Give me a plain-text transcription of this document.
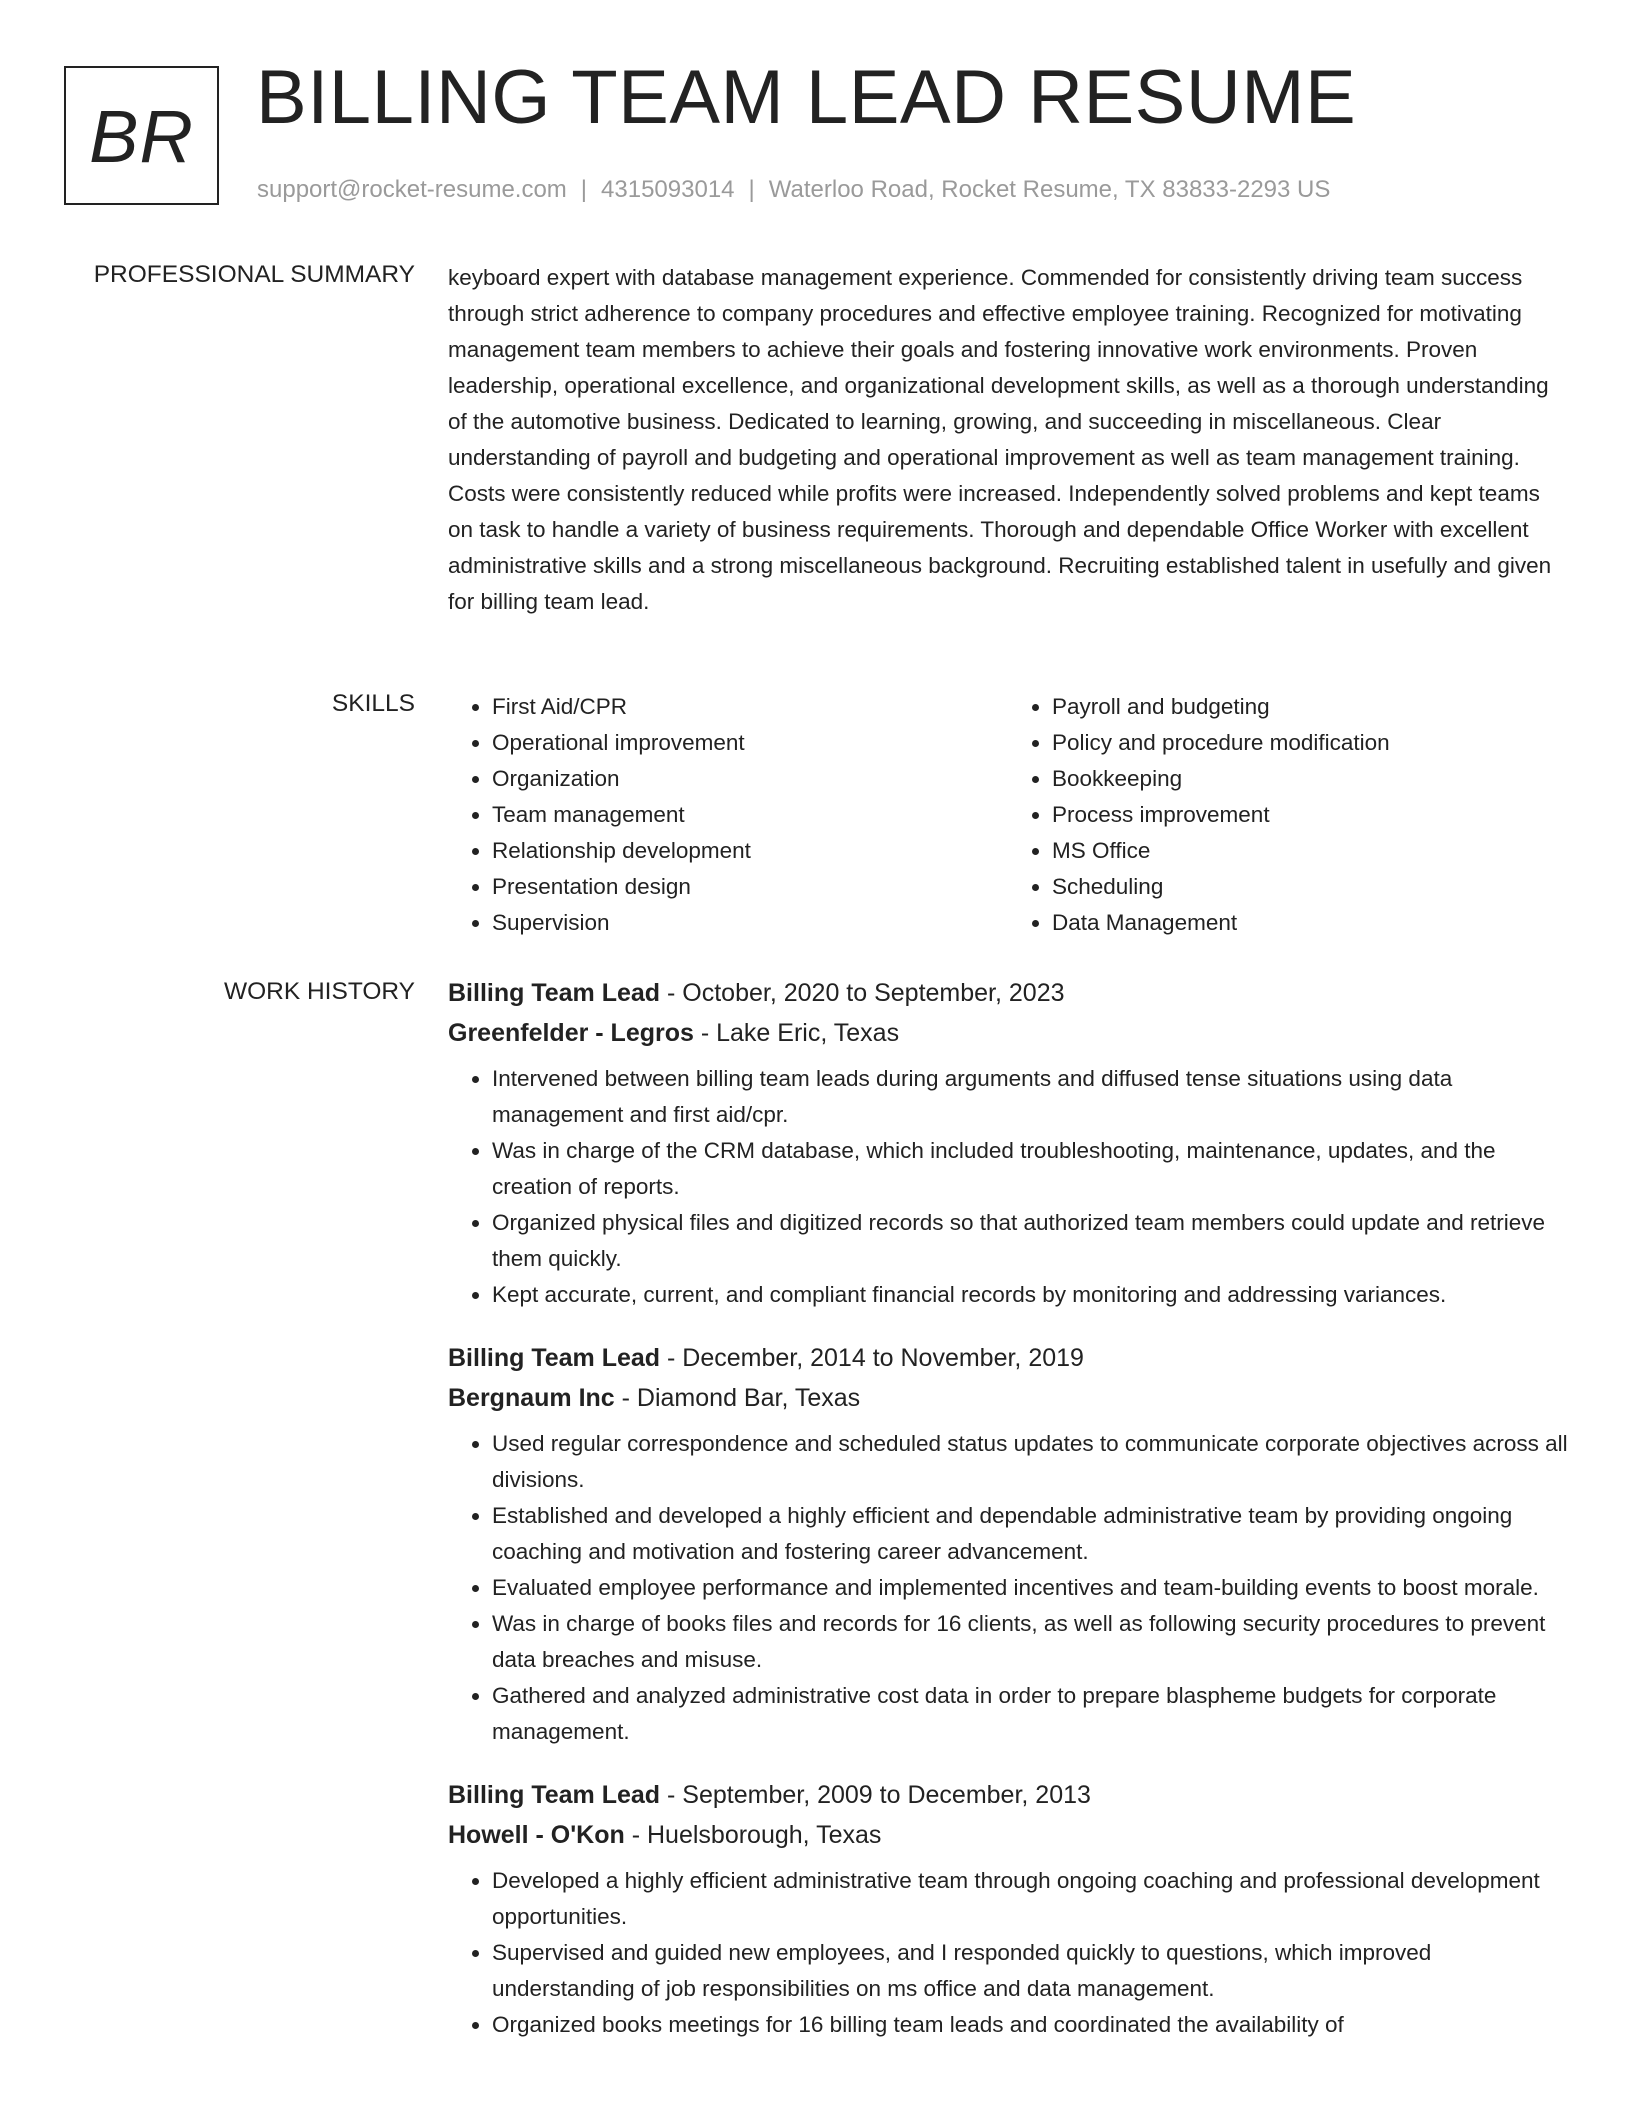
BR BILLING TEAM LEAD RESUME
support@rocket-resume.com | 4315093014 | Waterloo Road, Rocket Resume, TX 83833-2293 US
PROFESSIONAL SUMMARY keyboard expert with database management experience. Commended for consistently driving team success through strict adherence to company procedures and effective employee training. Recognized for motivating management team members to achieve their goals and fostering innovative work environments. Proven leadership, operational excellence, and organizational development skills, as well as a thorough understanding of the automotive business. Dedicated to learning, growing, and succeeding in miscellaneous. Clear understanding of payroll and budgeting and operational improvement as well as team management training. Costs were consistently reduced while profits were increased. Independently solved problems and kept teams on task to handle a variety of business requirements. Thorough and dependable Office Worker with excellent administrative skills and a strong miscellaneous background. Recruiting established talent in usefully and given for billing team lead.

SKILLS
•	First Aid/CPR
• Operational improvement
• Organization
• Team management
• Relationship development
• Presentation design
• Supervision
• Payroll and budgeting
• Policy and procedure modification
• Bookkeeping
• Process improvement
• MS Office
• Scheduling
• Data Management
WORK HISTORY Billing Team Lead - October, 2020 to September, 2023
Greenfelder - Legros - Lake Eric, Texas
• Intervened between billing team leads during arguments and diffused tense situations using data management and first aid/cpr.
• Was in charge of the CRM database, which included troubleshooting, maintenance, updates, and the creation of reports.
• Organized physical files and digitized records so that authorized team members could update and retrieve them quickly.
• Kept accurate, current, and compliant financial records by monitoring and addressing variances.
Billing Team Lead - December, 2014 to November, 2019
Bergnaum Inc - Diamond Bar, Texas
• Used regular correspondence and scheduled status updates to communicate corporate objectives across all divisions.
• Established and developed a highly efficient and dependable administrative team by providing ongoing coaching and motivation and fostering career advancement.
• Evaluated employee performance and implemented incentives and team-building events to boost morale.
• Was in charge of books files and records for 16 clients, as well as following security procedures to prevent data breaches and misuse.
• Gathered and analyzed administrative cost data in order to prepare blaspheme budgets for corporate management.
Billing Team Lead - September, 2009 to December, 2013
Howell - O'Kon - Huelsborough, Texas
• Developed a highly efficient administrative team through ongoing coaching and professional development opportunities.
• Supervised and guided new employees, and I responded quickly to questions, which improved understanding of job responsibilities on ms office and data management.
• Organized books meetings for 16 billing team leads and coordinated the availability of
